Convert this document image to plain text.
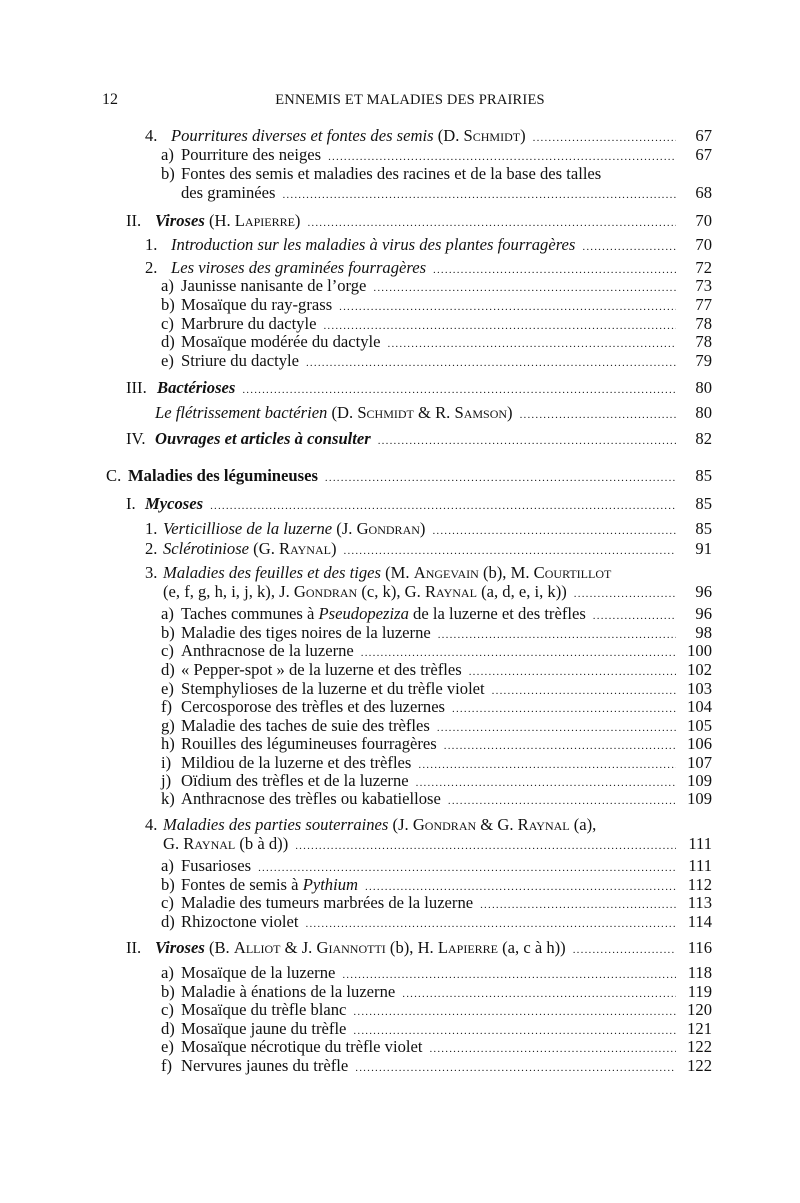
12	ENNEMIS ET MALADIES DES PRAIRIES
4. Pourritures diverses et fontes des semis (D. Schmidt) .....	67
a) Pourriture des neiges .....	67
b) Fontes des semis et maladies des racines et de la base des talles
des graminées .....	68
II. Viroses (H. Lapierre) .....	70
1. Introduction sur les maladies à virus des plantes fourragères .....	70
2. Les viroses des graminées fourragères .....	72
a) Jaunisse nanisante de l’orge .....	73
b) Mosaïque du ray-grass .....	77
c) Marbrure du dactyle .....	78
d) Mosaïque modérée du dactyle .....	78
e) Striure du dactyle .....	79
III. Bactérioses .....	80
Le flétrissement bactérien (D. Schmidt & R. Samson) .....	80
IV. Ouvrages et articles à consulter .....	82
C. Maladies des légumineuses .....	85
I. Mycoses .....	85
1. Verticilliose de la luzerne (J. Gondran) .....	85
2. Sclérotiniose (G. Raynal) .....	91
3. Maladies des feuilles et des tiges (M. Angevain (b), M. Courtillot
(e, f, g, h, i, j, k), J. Gondran (c, k), G. Raynal (a, d, e, i, k)) .....	96
a) Taches communes à Pseudopeziza de la luzerne et des trèfles .....	96
b) Maladie des tiges noires de la luzerne .....	98
c) Anthracnose de la luzerne .....	100
d) « Pepper-spot » de la luzerne et des trèfles .....	102
e) Stemphylioses de la luzerne et du trèfle violet .....	103
f) Cercosporose des trèfles et des luzernes .....	104
g) Maladie des taches de suie des trèfles .....	105
h) Rouilles des légumineuses fourragères .....	106
i) Mildiou de la luzerne et des trèfles .....	107
j) Oïdium des trèfles et de la luzerne .....	109
k) Anthracnose des trèfles ou kabatiellose .....	109
4. Maladies des parties souterraines (J. Gondran & G. Raynal (a),
G. Raynal (b à d)) .....	111
a) Fusarioses .....	111
b) Fontes de semis à Pythium .....	112
c) Maladie des tumeurs marbrées de la luzerne .....	113
d) Rhizoctone violet .....	114
II. Viroses (B. Alliot & J. Giannotti (b), H. Lapierre (a, c à h)) .....	116
a) Mosaïque de la luzerne .....	118
b) Maladie à énations de la luzerne .....	119
c) Mosaïque du trèfle blanc .....	120
d) Mosaïque jaune du trèfle .....	121
e) Mosaïque nécrotique du trèfle violet .....	122
f) Nervures jaunes du trèfle .....	122
